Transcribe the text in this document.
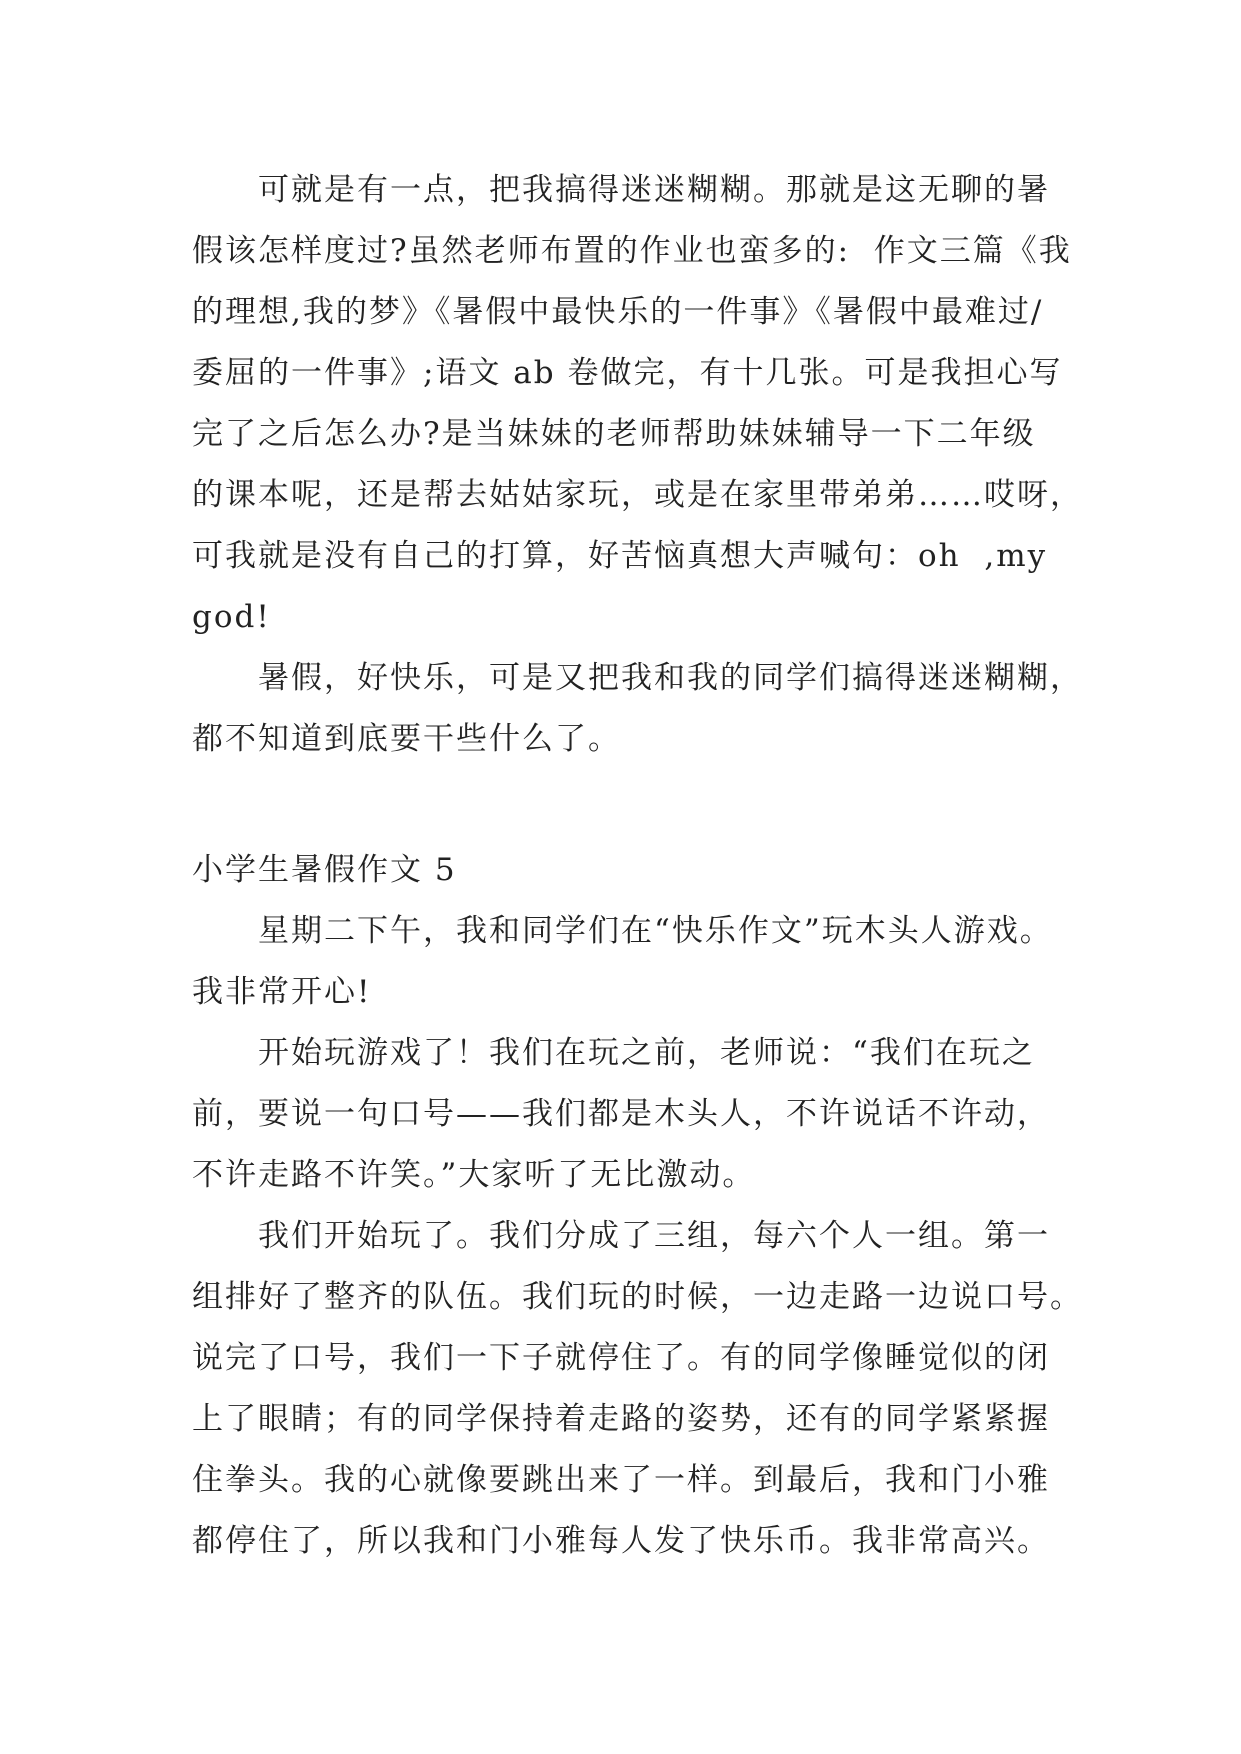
可就是有一点，把我搞得迷迷糊糊。那就是这无聊的暑
假该怎样度过?虽然老师布置的作业也蛮多的:  作文三篇《我
的理想,我的梦》《暑假中最快乐的一件事》《暑假中最难过/
委屈的一件事》;语文 ab 卷做完，有十几张。可是我担心写
完了之后怎么办?是当妹妹的老师帮助妹妹辅导一下二年级
的课本呢，还是帮去姑姑家玩，或是在家里带弟弟……哎呀，
可我就是没有自己的打算，好苦恼真想大声喊句：oh  ,my
god!
暑假，好快乐，可是又把我和我的同学们搞得迷迷糊糊，
都不知道到底要干些什么了。
小学生暑假作文 5
星期二下午，我和同学们在“快乐作文”玩木头人游戏。
我非常开心!
开始玩游戏了！我们在玩之前，老师说：“我们在玩之
前，要说一句口号——我们都是木头人，不许说话不许动，
不许走路不许笑。”大家听了无比激动。
我们开始玩了。我们分成了三组，每六个人一组。第一
组排好了整齐的队伍。我们玩的时候，一边走路一边说口号。
说完了口号，我们一下子就停住了。有的同学像睡觉似的闭
上了眼睛；有的同学保持着走路的姿势，还有的同学紧紧握
住拳头。我的心就像要跳出来了一样。到最后，我和门小雅
都停住了，所以我和门小雅每人发了快乐币。我非常高兴。
